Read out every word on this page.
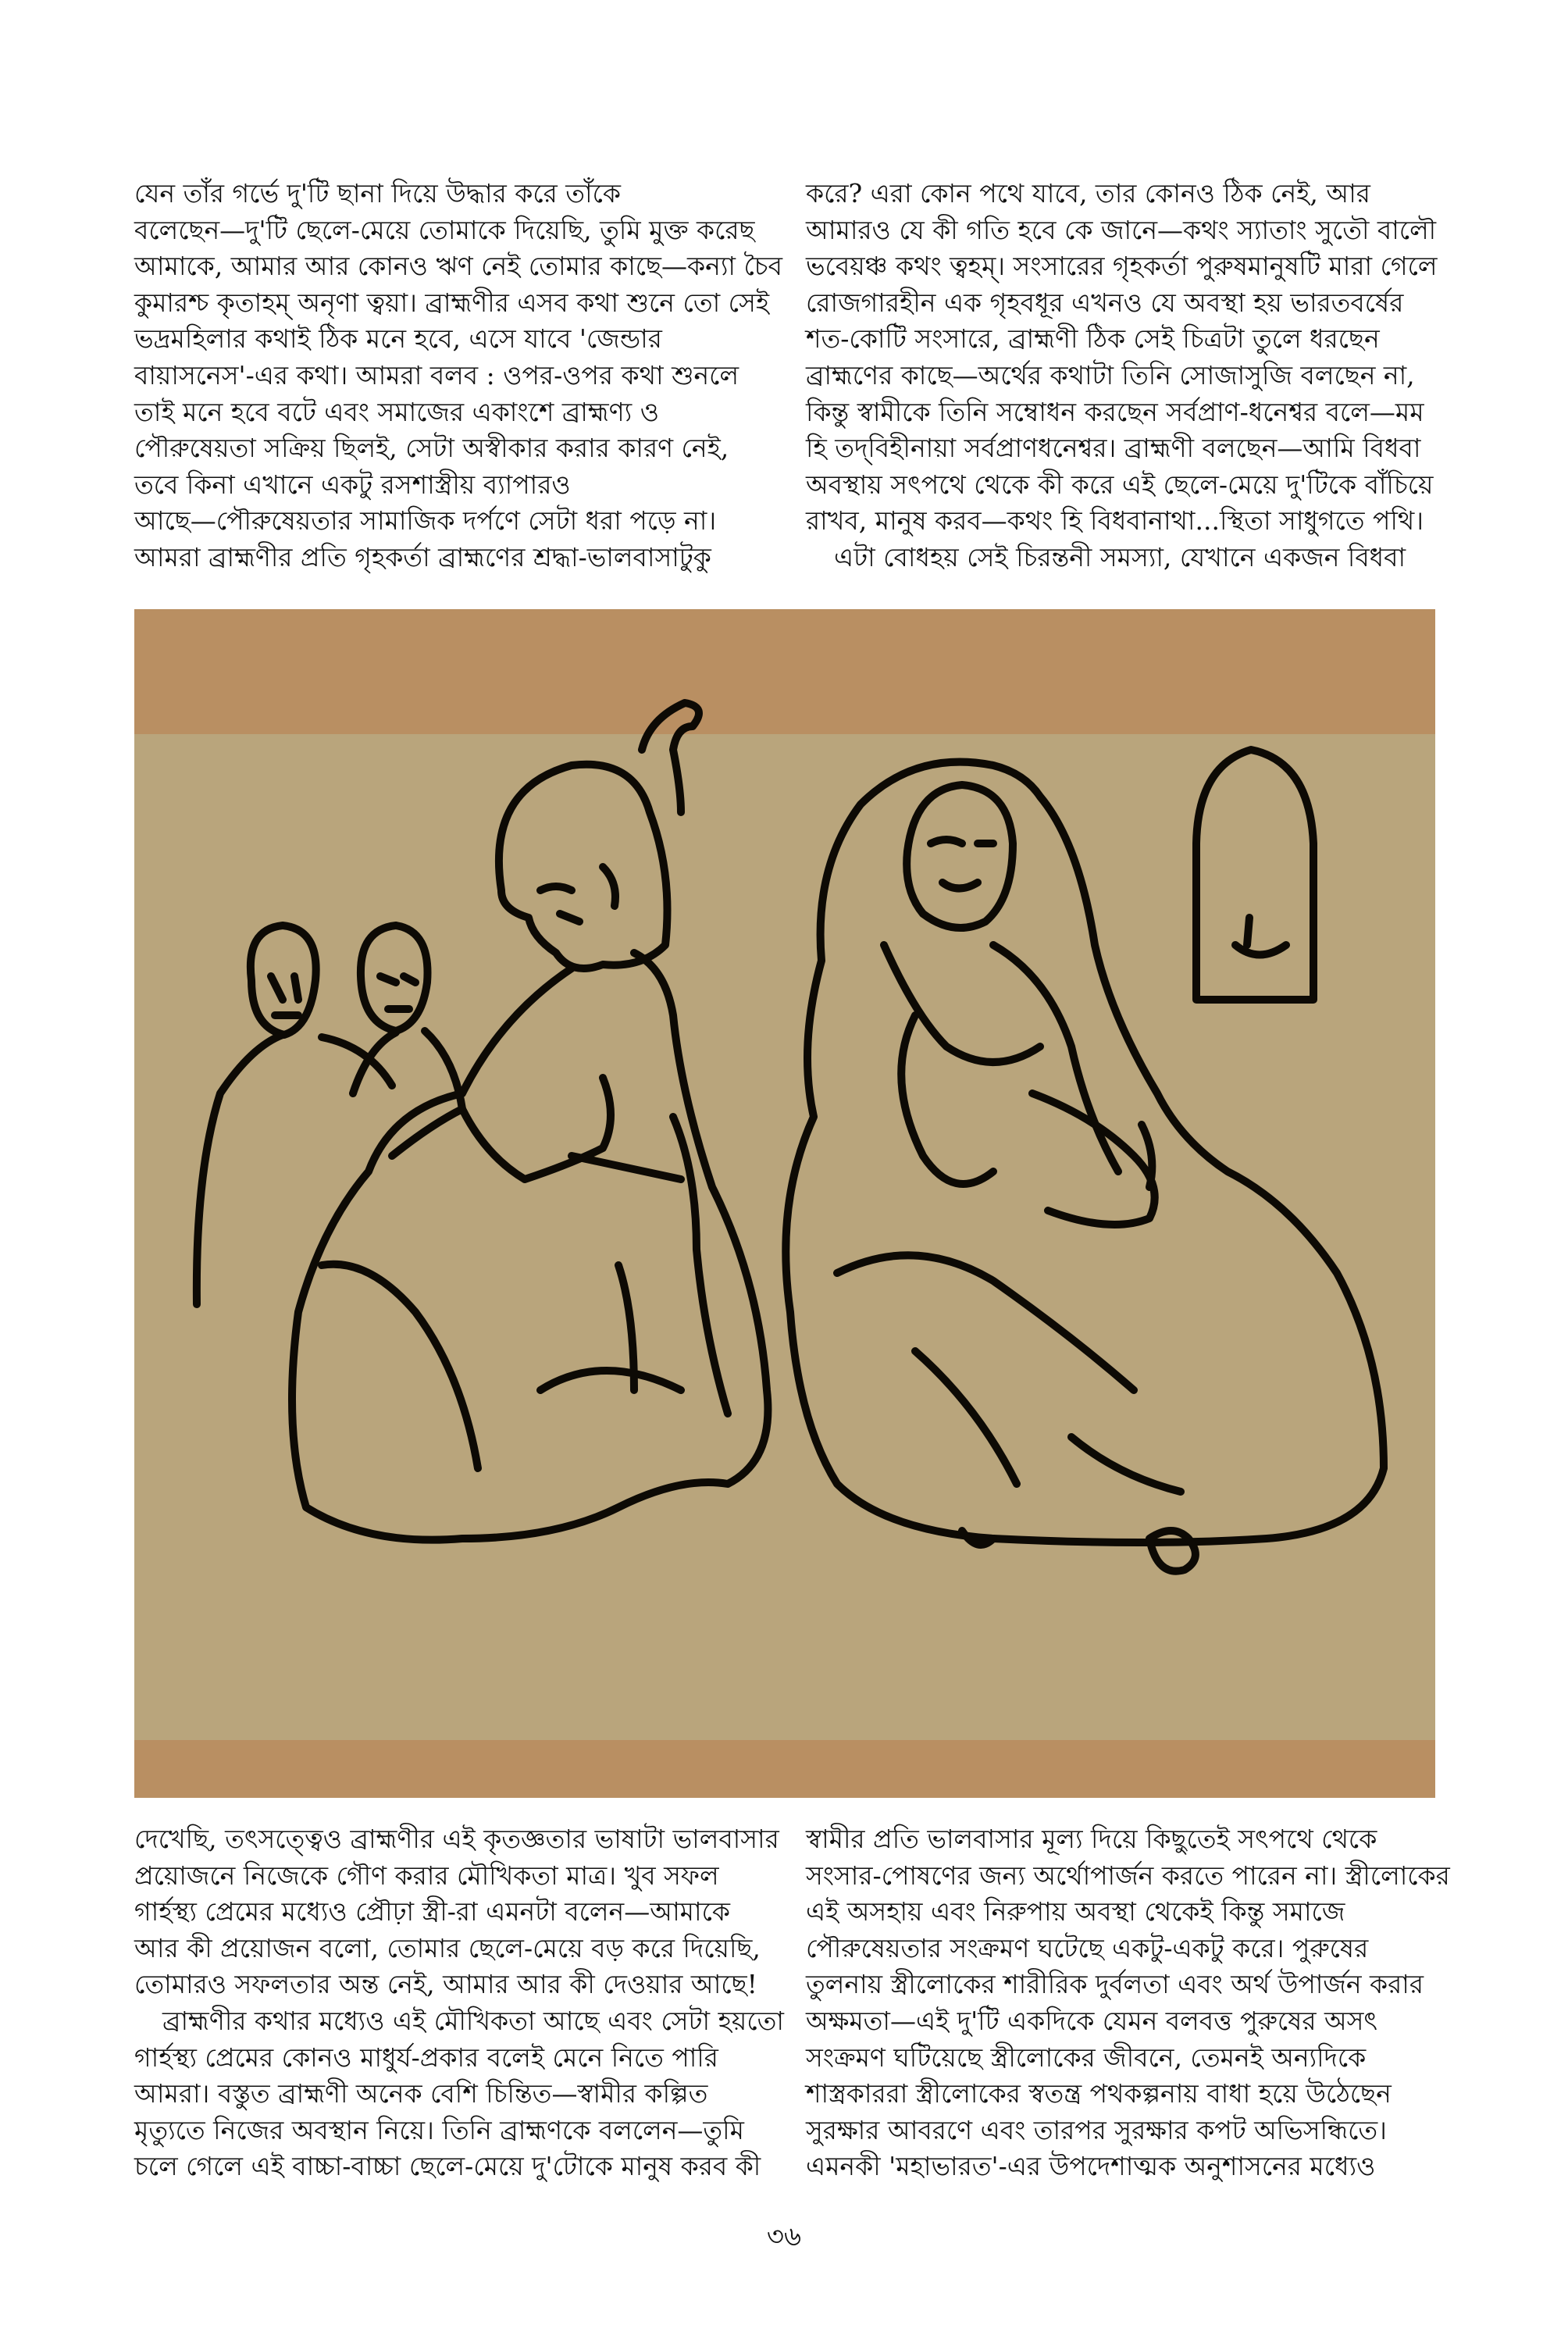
যেন তাঁর গর্ভে দু'টি ছানা দিয়ে উদ্ধার করে তাঁকে

বলেছেন—দু'টি ছেলে-মেয়ে তোমাকে দিয়েছি, তুমি মুক্ত করেছ

আমাকে, আমার আর কোনও ঋণ নেই তোমার কাছে—কন্যা চৈব

কুমারশ্চ কৃতাহম্ অনৃণা ত্বয়া। ব্রাহ্মণীর এসব কথা শুনে তো সেই

ভদ্রমহিলার কথাই ঠিক মনে হবে, এসে যাবে 'জেন্ডার

বায়াসনেস'-এর কথা। আমরা বলব : ওপর-ওপর কথা শুনলে

তাই মনে হবে বটে এবং সমাজের একাংশে ব্রাহ্মণ্য ও

পৌরুষেয়তা সক্রিয় ছিলই, সেটা অস্বীকার করার কারণ নেই,

তবে কিনা এখানে একটু রসশাস্ত্রীয় ব্যাপারও

আছে—পৌরুষেয়তার সামাজিক দর্পণে সেটা ধরা পড়ে না।

আমরা ব্রাহ্মণীর প্রতি গৃহকর্তা ব্রাহ্মণের শ্রদ্ধা-ভালবাসাটুকু

করে? এরা কোন পথে যাবে, তার কোনও ঠিক নেই, আর

আমারও যে কী গতি হবে কে জানে—কথং স্যাতাং সুতৌ বালৌ

ভবেয়ঞ্চ কথং ত্বহম্। সংসারের গৃহকর্তা পুরুষমানুষটি মারা গেলে

রোজগারহীন এক গৃহবধূর এখনও যে অবস্থা হয় ভারতবর্ষের

শত-কোটি সংসারে, ব্রাহ্মণী ঠিক সেই চিত্রটা তুলে ধরছেন

ব্রাহ্মণের কাছে—অর্থের কথাটা তিনি সোজাসুজি বলছেন না,

কিন্তু স্বামীকে তিনি সম্বোধন করছেন সর্বপ্রাণ-ধনেশ্বর বলে—মম

হি তদ্‌বিহীনায়া সর্বপ্রাণধনেশ্বর। ব্রাহ্মণী বলছেন—আমি বিধবা

অবস্থায় সৎপথে থেকে কী করে এই ছেলে-মেয়ে দু'টিকে বাঁচিয়ে

রাখব, মানুষ করব—কথং হি বিধবানাথা...স্থিতা সাধুগতে পথি।

এটা বোধহয় সেই চিরন্তনী সমস্যা, যেখানে একজন বিধবা

দেখেছি, তৎসত্ত্বেও ব্রাহ্মণীর এই কৃতজ্ঞতার ভাষাটা ভালবাসার

প্রয়োজনে নিজেকে গৌণ করার মৌখিকতা মাত্র। খুব সফল

গার্হস্থ্য প্রেমের মধ্যেও প্রৌঢ়া স্ত্রী-রা এমনটা বলেন—আমাকে

আর কী প্রয়োজন বলো, তোমার ছেলে-মেয়ে বড় করে দিয়েছি,

তোমারও সফলতার অন্ত নেই, আমার আর কী দেওয়ার আছে!

ব্রাহ্মণীর কথার মধ্যেও এই মৌখিকতা আছে এবং সেটা হয়তো

গার্হস্থ্য প্রেমের কোনও মাধুর্য-প্রকার বলেই মেনে নিতে পারি

আমরা। বস্তুত ব্রাহ্মণী অনেক বেশি চিন্তিত—স্বামীর কল্পিত

মৃত্যুতে নিজের অবস্থান নিয়ে। তিনি ব্রাহ্মণকে বললেন—তুমি

চলে গেলে এই বাচ্চা-বাচ্চা ছেলে-মেয়ে দু'টোকে মানুষ করব কী

স্বামীর প্রতি ভালবাসার মূল্য দিয়ে কিছুতেই সৎপথে থেকে

সংসার-পোষণের জন্য অর্থোপার্জন করতে পারেন না। স্ত্রীলোকের

এই অসহায় এবং নিরুপায় অবস্থা থেকেই কিন্তু সমাজে

পৌরুষেয়তার সংক্রমণ ঘটেছে একটু-একটু করে। পুরুষের

তুলনায় স্ত্রীলোকের শারীরিক দুর্বলতা এবং অর্থ উপার্জন করার

অক্ষমতা—এই দু'টি একদিকে যেমন বলবত্ত পুরুষের অসৎ

সংক্রমণ ঘটিয়েছে স্ত্রীলোকের জীবনে, তেমনই অন্যদিকে

শাস্ত্রকাররা স্ত্রীলোকের স্বতন্ত্র পথকল্পনায় বাধা হয়ে উঠেছেন

সুরক্ষার আবরণে এবং তারপর সুরক্ষার কপট অভিসন্ধিতে।

এমনকী 'মহাভারত'-এর উপদেশাত্মক অনুশাসনের মধ্যেও

৩৬
